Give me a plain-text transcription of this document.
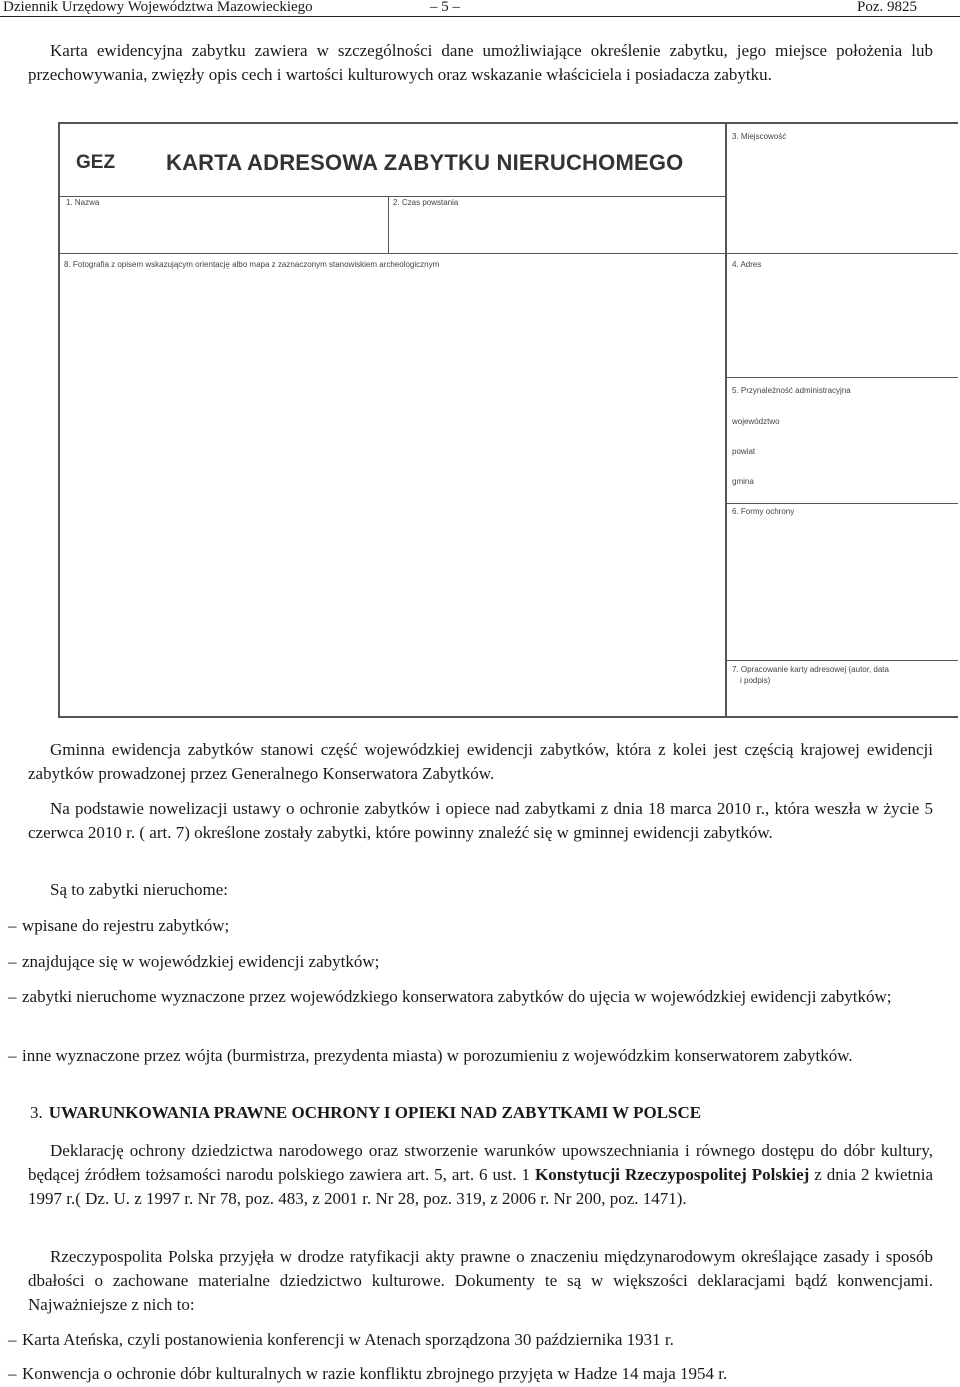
Dziennik Urzędowy Województwa Mazowieckiego	– 5 –	Poz. 9825

Karta ewidencyjna zabytku zawiera w szczególności dane umożliwiające określenie zabytku, jego miejsce położenia lub przechowywania, zwięzły opis cech i wartości kulturowych oraz wskazanie właściciela i posiadacza zabytku.

GEZ KARTA ADRESOWA ZABYTKU NIERUCHOMEGO
1. Nazwa	2. Czas powstania
3. Miejscowość
8. Fotografia z opisem wskazującym orientację albo mapa z zaznaczonym stanowiskiem archeologicznym	4. Adres
5. Przynależność administracyjna
województwo
powiat
gmina
6. Formy ochrony
7. Opracowanie karty adresowej (autor, data
i podpis)

Gminna ewidencja zabytków stanowi część wojewódzkiej ewidencji zabytków, która z kolei jest częścią krajowej ewidencji zabytków prowadzonej przez Generalnego Konserwatora Zabytków.

Na podstawie nowelizacji ustawy o ochronie zabytków i opiece nad zabytkami z dnia 18 marca 2010 r., która weszła w życie 5 czerwca 2010 r. ( art. 7) określone zostały zabytki, które powinny znaleźć się w gminnej ewidencji zabytków.

Są to zabytki nieruchome:

– wpisane do rejestru zabytków;
– znajdujące się w wojewódzkiej ewidencji zabytków;
– zabytki nieruchome wyznaczone przez wojewódzkiego konserwatora zabytków do ujęcia w wojewódzkiej ewidencji zabytków;
– inne wyznaczone przez wójta (burmistrza, prezydenta miasta) w porozumieniu z wojewódzkim konserwatorem zabytków.
3. UWARUNKOWANIA PRAWNE OCHRONY I OPIEKI NAD ZABYTKAMI W POLSCE

Deklarację ochrony dziedzictwa narodowego oraz stworzenie warunków upowszechniania i równego dostępu do dóbr kultury, będącej źródłem tożsamości narodu polskiego zawiera art. 5, art. 6 ust. 1 Konstytucji Rzeczypospolitej Polskiej z dnia 2 kwietnia 1997 r.( Dz. U. z 1997 r. Nr 78, poz. 483, z 2001 r. Nr 28, poz. 319, z 2006 r. Nr 200, poz. 1471).

Rzeczypospolita Polska przyjęła w drodze ratyfikacji akty prawne o znaczeniu międzynarodowym określające zasady i sposób dbałości o zachowane materialne dziedzictwo kulturowe. Dokumenty te są w większości deklaracjami bądź konwencjami. Najważniejsze z nich to:

– Karta Ateńska, czyli postanowienia konferencji w Atenach sporządzona 30 października 1931 r.
– Konwencja o ochronie dóbr kulturalnych w razie konfliktu zbrojnego przyjęta w Hadze 14 maja 1954 r.
